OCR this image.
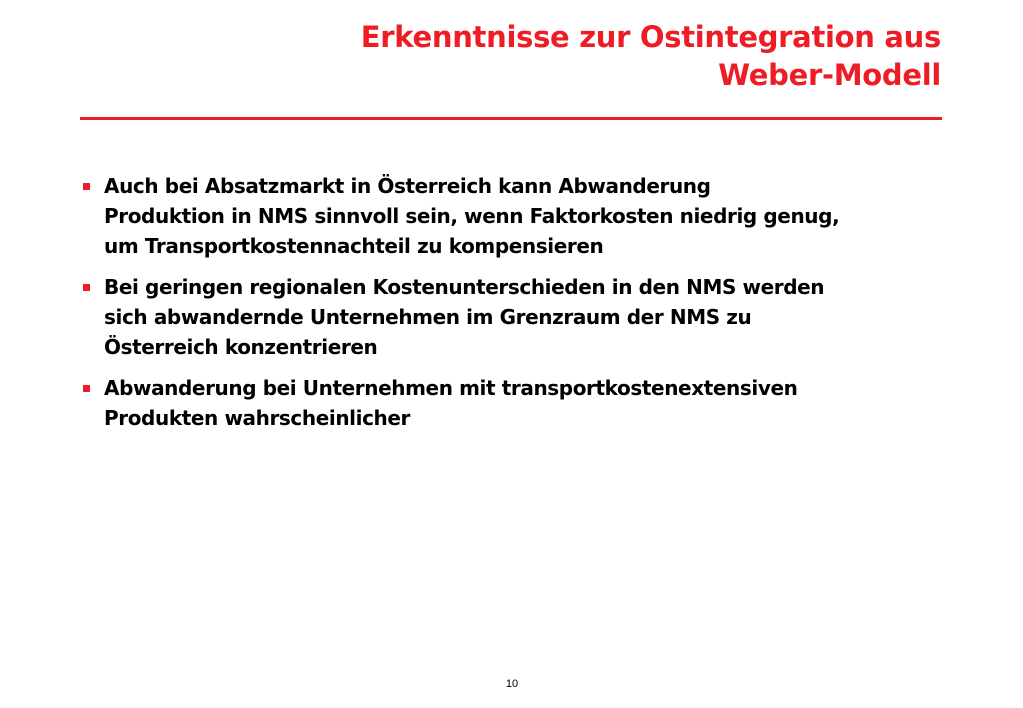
Erkenntnisse zur Ostintegration aus
Weber-Modell
Auch bei Absatzmarkt in Österreich kann Abwanderung
Produktion in NMS sinnvoll sein, wenn Faktorkosten niedrig genug,
um Transportkostennachteil zu kompensieren
Bei geringen regionalen Kostenunterschieden in den NMS werden
sich abwandernde Unternehmen im Grenzraum der NMS zu
Österreich konzentrieren
Abwanderung bei Unternehmen mit transportkostenextensiven
Produkten wahrscheinlicher
10
